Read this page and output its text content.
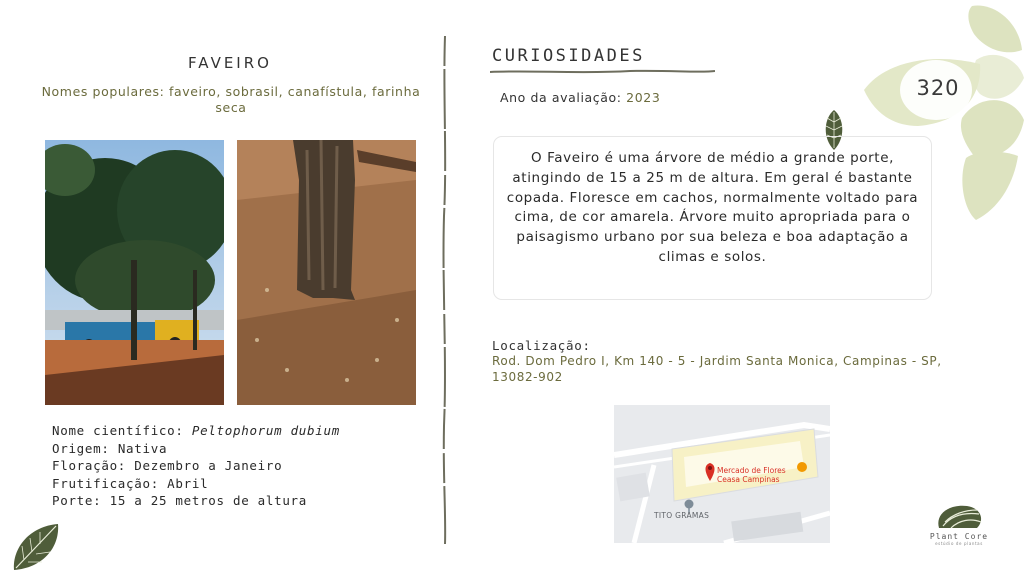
320
FAVEIRO
Nomes populares: faveiro, sobrasil, canafístula, farinha seca
Nome científico: Peltophorum dubium
Origem: Nativa
Floração: Dezembro a Janeiro
Frutificação: Abril
Porte: 15 a 25 metros de altura
CURIOSIDADES
Ano da avaliação: 2023
O Faveiro é uma árvore de médio a grande porte, atingindo de 15 a 25 m de altura. Em geral é bastante copada. Floresce em cachos, normalmente voltado para cima, de cor amarela. Árvore muito apropriada para o paisagismo urbano por sua beleza e boa adaptação a climas e solos.
Localização:
Rod. Dom Pedro I, Km 140 - 5 - Jardim Santa Monica, Campinas - SP, 13082-902
Mercado de Flores
Ceasa Campinas
TITO GRAMAS
Plant Core
estúdio de plantas
